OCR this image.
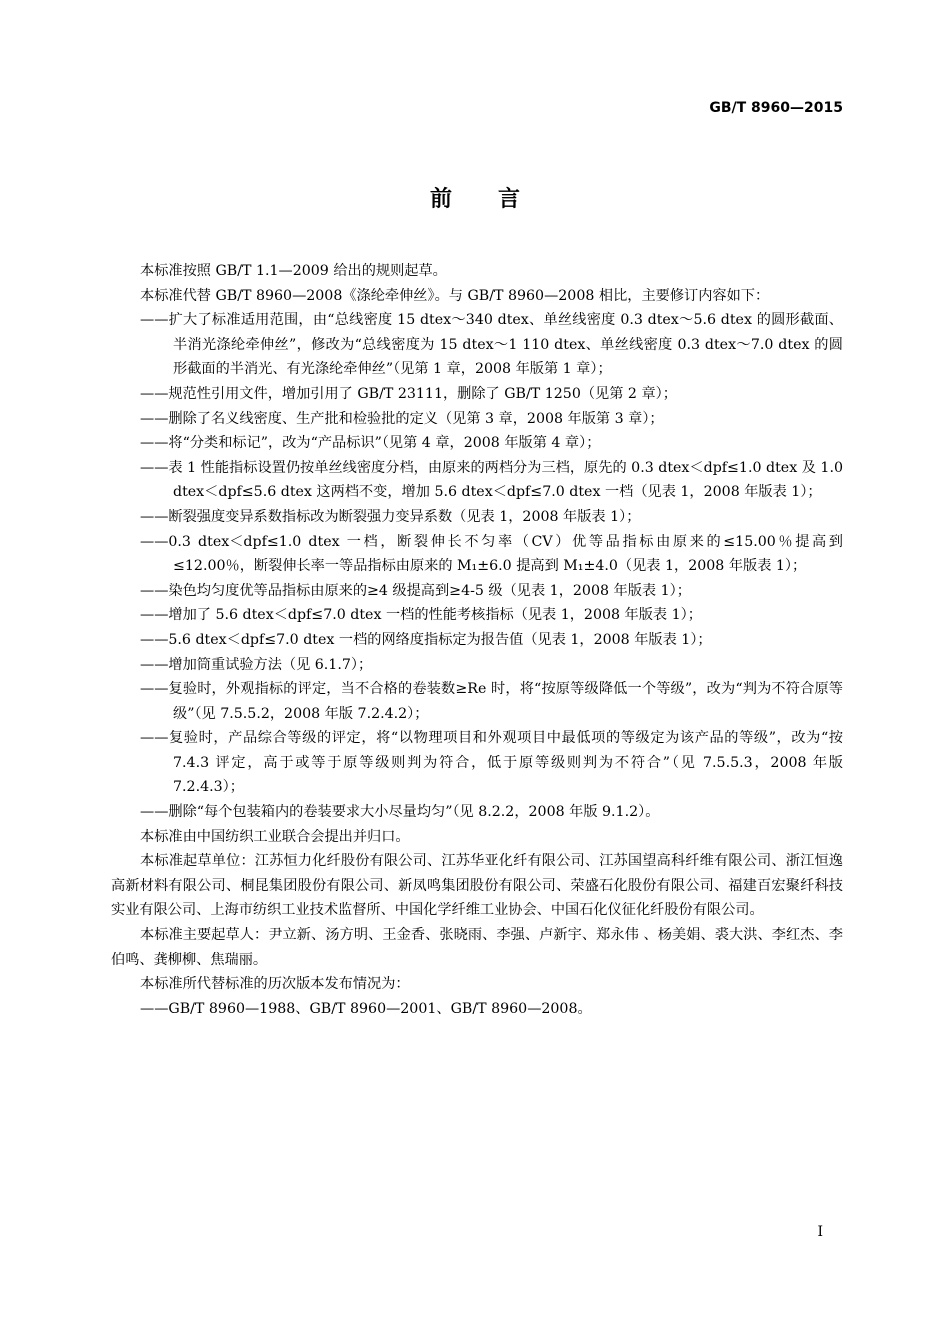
GB/T 8960—2015
前言

本标准按照 GB/T 1.1—2009 给出的规则起草。

本标准代替 GB/T 8960—2008《涤纶牵伸丝》。与 GB/T 8960—2008 相比，主要修订内容如下：

——扩大了标准适用范围，由“总线密度 15 dtex～340 dtex、单丝线密度 0.3 dtex～5.6 dtex 的圆形截面、半消光涤纶牵伸丝”，修改为“总线密度为 15 dtex～1 110 dtex、单丝线密度 0.3 dtex～7.0 dtex 的圆形截面的半消光、有光涤纶牵伸丝”（见第 1 章，2008 年版第 1 章）；

——规范性引用文件，增加引用了 GB/T 23111，删除了 GB/T 1250（见第 2 章）；

——删除了名义线密度、生产批和检验批的定义（见第 3 章，2008 年版第 3 章）；

——将“分类和标记”，改为“产品标识”（见第 4 章，2008 年版第 4 章）；

——表 1 性能指标设置仍按单丝线密度分档，由原来的两档分为三档，原先的 0.3 dtex＜dpf≤1.0 dtex 及 1.0 dtex＜dpf≤5.6 dtex 这两档不变，增加 5.6 dtex＜dpf≤7.0 dtex 一档（见表 1，2008 年版表 1）；

——断裂强度变异系数指标改为断裂强力变异系数（见表 1，2008 年版表 1）；

——0.3 dtex＜dpf≤1.0 dtex 一档，断裂伸长不匀率（CV）优等品指标由原来的≤15.00％提高到≤12.00％，断裂伸长率一等品指标由原来的 M₁±6.0 提高到 M₁±4.0（见表 1，2008 年版表 1）；

——染色均匀度优等品指标由原来的≥4 级提高到≥4-5 级（见表 1，2008 年版表 1）；

——增加了 5.6 dtex＜dpf≤7.0 dtex 一档的性能考核指标（见表 1，2008 年版表 1）；

——5.6 dtex＜dpf≤7.0 dtex 一档的网络度指标定为报告值（见表 1，2008 年版表 1）；

——增加筒重试验方法（见 6.1.7）；

——复验时，外观指标的评定，当不合格的卷装数≥Re 时，将“按原等级降低一个等级”，改为“判为不符合原等级”（见 7.5.5.2，2008 年版 7.2.4.2）；

——复验时，产品综合等级的评定，将“以物理项目和外观项目中最低项的等级定为该产品的等级”，改为“按 7.4.3 评定，高于或等于原等级则判为符合，低于原等级则判为不符合”（见 7.5.5.3，2008 年版 7.2.4.3）；

——删除“每个包装箱内的卷装要求大小尽量均匀”（见 8.2.2，2008 年版 9.1.2）。

本标准由中国纺织工业联合会提出并归口。

本标准起草单位：江苏恒力化纤股份有限公司、江苏华亚化纤有限公司、江苏国望高科纤维有限公司、浙江恒逸高新材料有限公司、桐昆集团股份有限公司、新凤鸣集团股份有限公司、荣盛石化股份有限公司、福建百宏聚纤科技实业有限公司、上海市纺织工业技术监督所、中国化学纤维工业协会、中国石化仪征化纤股份有限公司。

本标准主要起草人：尹立新、汤方明、王金香、张晓雨、李强、卢新宇、郑永伟 、杨美娟、裘大洪、李红杰、李伯鸣、龚柳柳、焦瑞丽。

本标准所代替标准的历次版本发布情况为：

——GB/T 8960—1988、GB/T 8960—2001、GB/T 8960—2008。

I
